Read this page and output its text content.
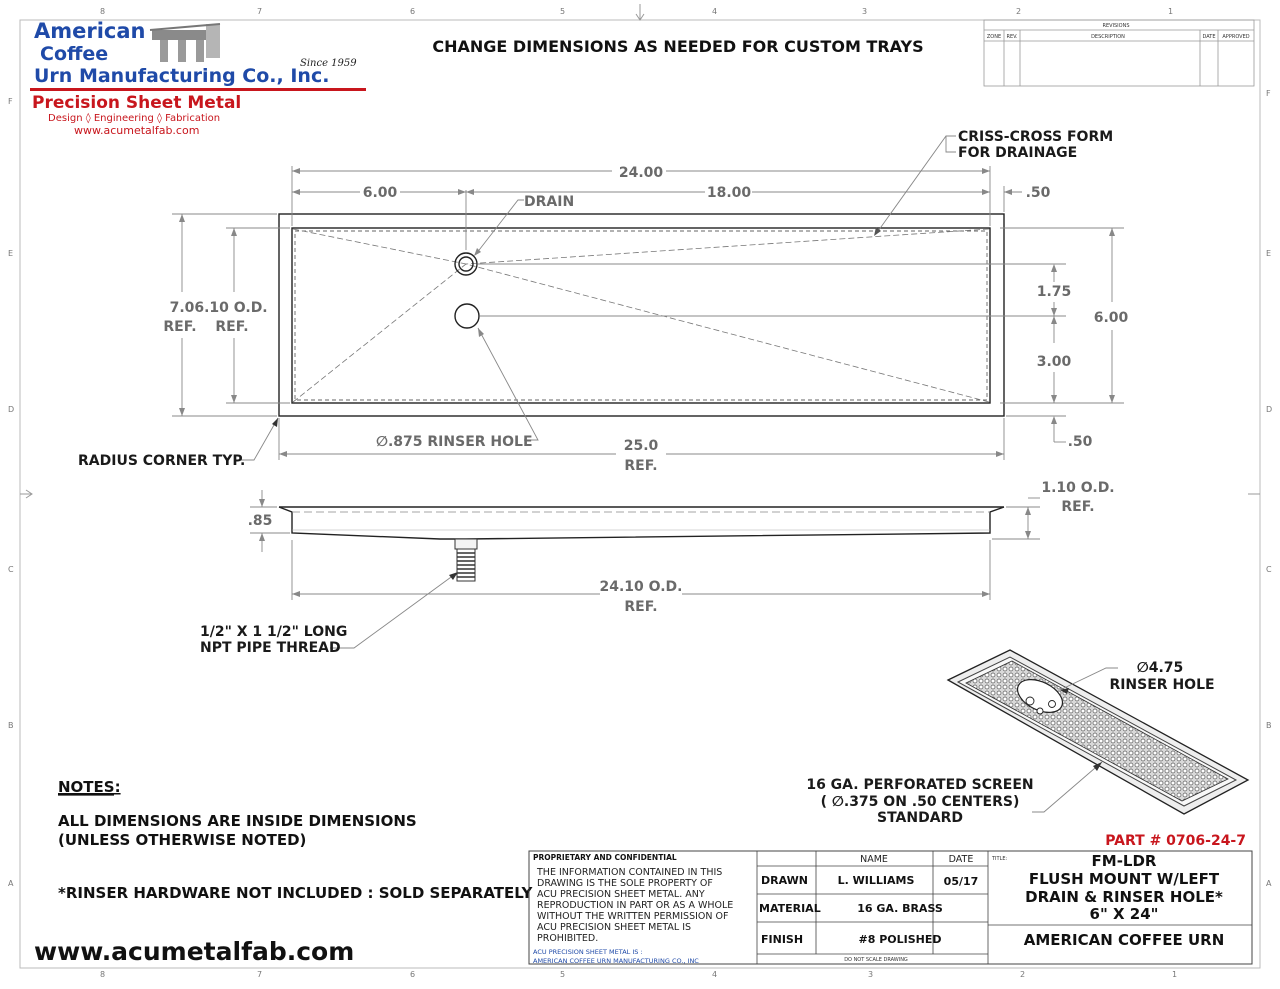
8	7	6	5	4	3	2	1
8	7	6	5	4	3	2	1
F
E
D
C
B
A
F
E
D
C
B
A
American
Coffee
Urn Manufacturing Co., Inc.
Since 1959
Precision Sheet Metal
Design ◊ Engineering ◊ Fabrication
www.acumetalfab.com
CHANGE DIMENSIONS AS NEEDED FOR CUSTOM TRAYS
REVISIONS
ZONE REV.	DESCRIPTION	DATE APPROVED
24.00
6.00	18.00	.50
DRAIN
CRISS-CROSS FORM
FOR DRAINAGE
1.75
3.00
6.00
.50
7.0
REF.
6.10 O.D.
REF.
∅.875 RINSER HOLE	25.0
REF.
RADIUS CORNER TYP.
.85
1.10 O.D.
REF.
24.10 O.D.
REF.
1/2" X 1 1/2" LONG
NPT PIPE THREAD
∅4.75
RINSER HOLE
16 GA. PERFORATED SCREEN
( ∅.375 ON .50 CENTERS)
STANDARD
NOTES:
ALL DIMENSIONS ARE INSIDE DIMENSIONS
(UNLESS OTHERWISE NOTED)
*RINSER HARDWARE NOT INCLUDED : SOLD SEPARATELY
www.acumetalfab.com
PART # 0706-24-7
PROPRIETARY AND CONFIDENTIAL
THE INFORMATION CONTAINED IN THIS
DRAWING IS THE SOLE PROPERTY OF
ACU PRECISION SHEET METAL. ANY
REPRODUCTION IN PART OR AS A WHOLE
WITHOUT THE WRITTEN PERMISSION OF
ACU PRECISION SHEET METAL IS
PROHIBITED.
ACU PRECISION SHEET METAL IS :
AMERICAN COFFEE URN MANUFACTURING CO., INC
NAME	DATE
DRAWN	L. WILLIAMS	05/17
MATERIAL	16 GA. BRASS
FINISH	#8 POLISHED
DO NOT SCALE DRAWING
TITLE:	FM-LDR
FLUSH MOUNT W/LEFT
DRAIN & RINSER HOLE*
6" X 24"
AMERICAN COFFEE URN
